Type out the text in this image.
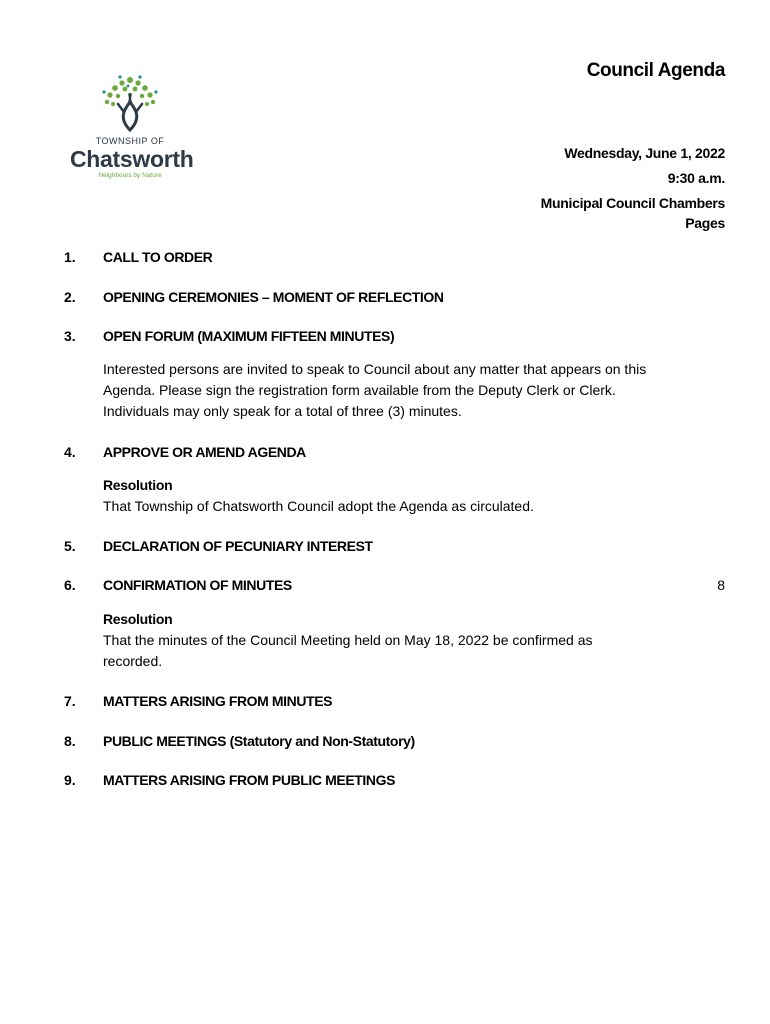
TOWNSHIP OF
Chatsworth
Neighbours by Nature
Council Agenda
Wednesday, June 1, 2022
9:30 a.m.
Municipal Council Chambers
Pages
1. CALL TO ORDER
2. OPENING CEREMONIES – MOMENT OF REFLECTION
3. OPEN FORUM (MAXIMUM FIFTEEN MINUTES)
Interested persons are invited to speak to Council about any matter that appears on this Agenda. Please sign the registration form available from the Deputy Clerk or Clerk. Individuals may only speak for a total of three (3) minutes.
4. APPROVE OR AMEND AGENDA
Resolution
That Township of Chatsworth Council adopt the Agenda as circulated.
5. DECLARATION OF PECUNIARY INTEREST
6. CONFIRMATION OF MINUTES	8
Resolution
That the minutes of the Council Meeting held on May 18, 2022 be confirmed as recorded.
7. MATTERS ARISING FROM MINUTES
8. PUBLIC MEETINGS (Statutory and Non-Statutory)
9. MATTERS ARISING FROM PUBLIC MEETINGS
